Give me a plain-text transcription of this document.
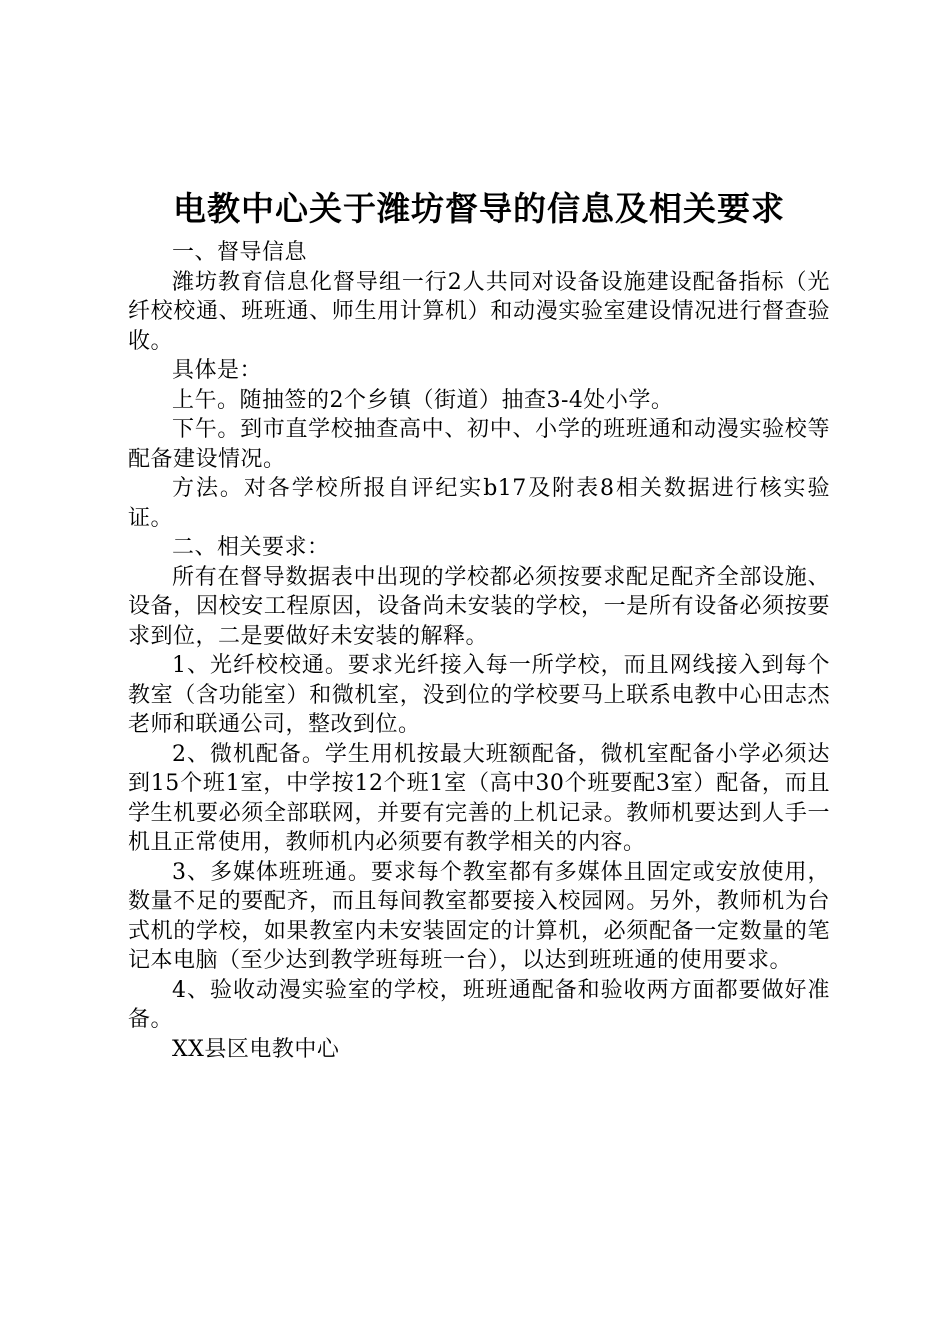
电教中心关于潍坊督导的信息及相关要求

一、督导信息

潍坊教育信息化督导组一行2人共同对设备设施建设配备指标（光纤校校通、班班通、师生用计算机）和动漫实验室建设情况进行督查验收。

具体是：

上午。随抽签的2个乡镇（街道）抽查3-4处小学。

下午。到市直学校抽查高中、初中、小学的班班通和动漫实验校等配备建设情况。

方法。对各学校所报自评纪实b17及附表8相关数据进行核实验证。

二、相关要求：

所有在督导数据表中出现的学校都必须按要求配足配齐全部设施、设备，因校安工程原因，设备尚未安装的学校，一是所有设备必须按要求到位，二是要做好未安装的解释。

1、光纤校校通。要求光纤接入每一所学校，而且网线接入到每个教室（含功能室）和微机室，没到位的学校要马上联系电教中心田志杰老师和联通公司，整改到位。

2、微机配备。学生用机按最大班额配备，微机室配备小学必须达到15个班1室，中学按12个班1室（高中30个班要配3室）配备，而且学生机要必须全部联网，并要有完善的上机记录。教师机要达到人手一机且正常使用，教师机内必须要有教学相关的内容。

3、多媒体班班通。要求每个教室都有多媒体且固定或安放使用，数量不足的要配齐，而且每间教室都要接入校园网。另外，教师机为台式机的学校，如果教室内未安装固定的计算机，必须配备一定数量的笔记本电脑（至少达到教学班每班一台），以达到班班通的使用要求。

4、验收动漫实验室的学校，班班通配备和验收两方面都要做好准备。

XX县区电教中心
